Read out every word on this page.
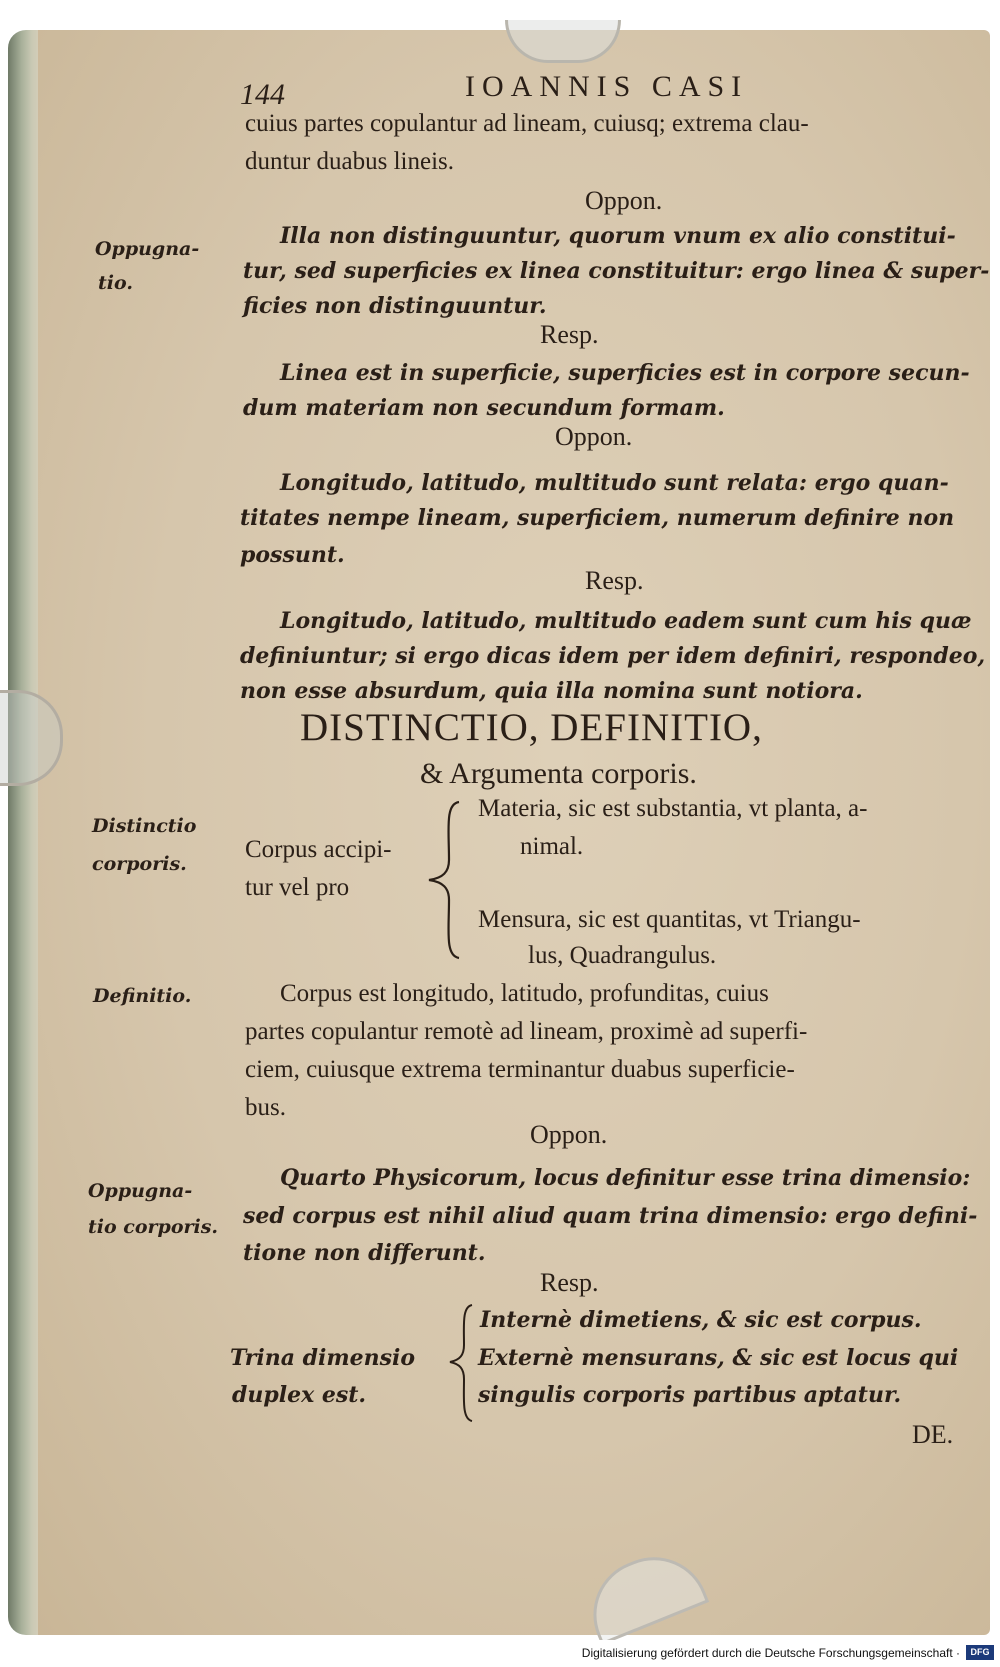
144	IOANNIS CASI
cuius partes copulantur ad lineam, cuiusq; extrema clau-
duntur duabus lineis.
Oppon.
Oppugna-
tio.
Illa non distinguuntur, quorum vnum ex alio constitui-
tur, sed superficies ex linea constituitur: ergo linea & super-
ficies non distinguuntur.
Resp.
Linea est in superficie, superficies est in corpore secun-
dum materiam non secundum formam.
Oppon.
Longitudo, latitudo, multitudo sunt relata: ergo quan-
titates nempe lineam, superficiem, numerum definire non
possunt.
Resp.
Longitudo, latitudo, multitudo eadem sunt cum his quæ
definiuntur; si ergo dicas idem per idem definiri, respondeo,
non esse absurdum, quia illa nomina sunt notiora.
DISTINCTIO, DEFINITIO,
& Argumenta corporis.
Distinctio
corporis.
Corpus accipi-
tur vel pro
Materia, sic est substantia, vt planta, a-
nimal.
Mensura, sic est quantitas, vt Triangu-
lus, Quadrangulus.
Definitio.	Corpus est longitudo, latitudo, profunditas, cuius
partes copulantur remotè ad lineam, proximè ad superfi-
ciem, cuiusque extrema terminantur duabus superficie-
bus.
Oppon.
Oppugna-
tio corporis.
Quarto Physicorum, locus definitur esse trina dimensio:
sed corpus est nihil aliud quam trina dimensio: ergo defini-
tione non differunt.
Resp.
Trina dimensio
duplex est.
Internè dimetiens, & sic est corpus.
Externè mensurans, & sic est locus qui
singulis corporis partibus aptatur.
DE.
Digitalisierung gefördert durch die Deutsche Forschungsgemeinschaft ·	DFG
